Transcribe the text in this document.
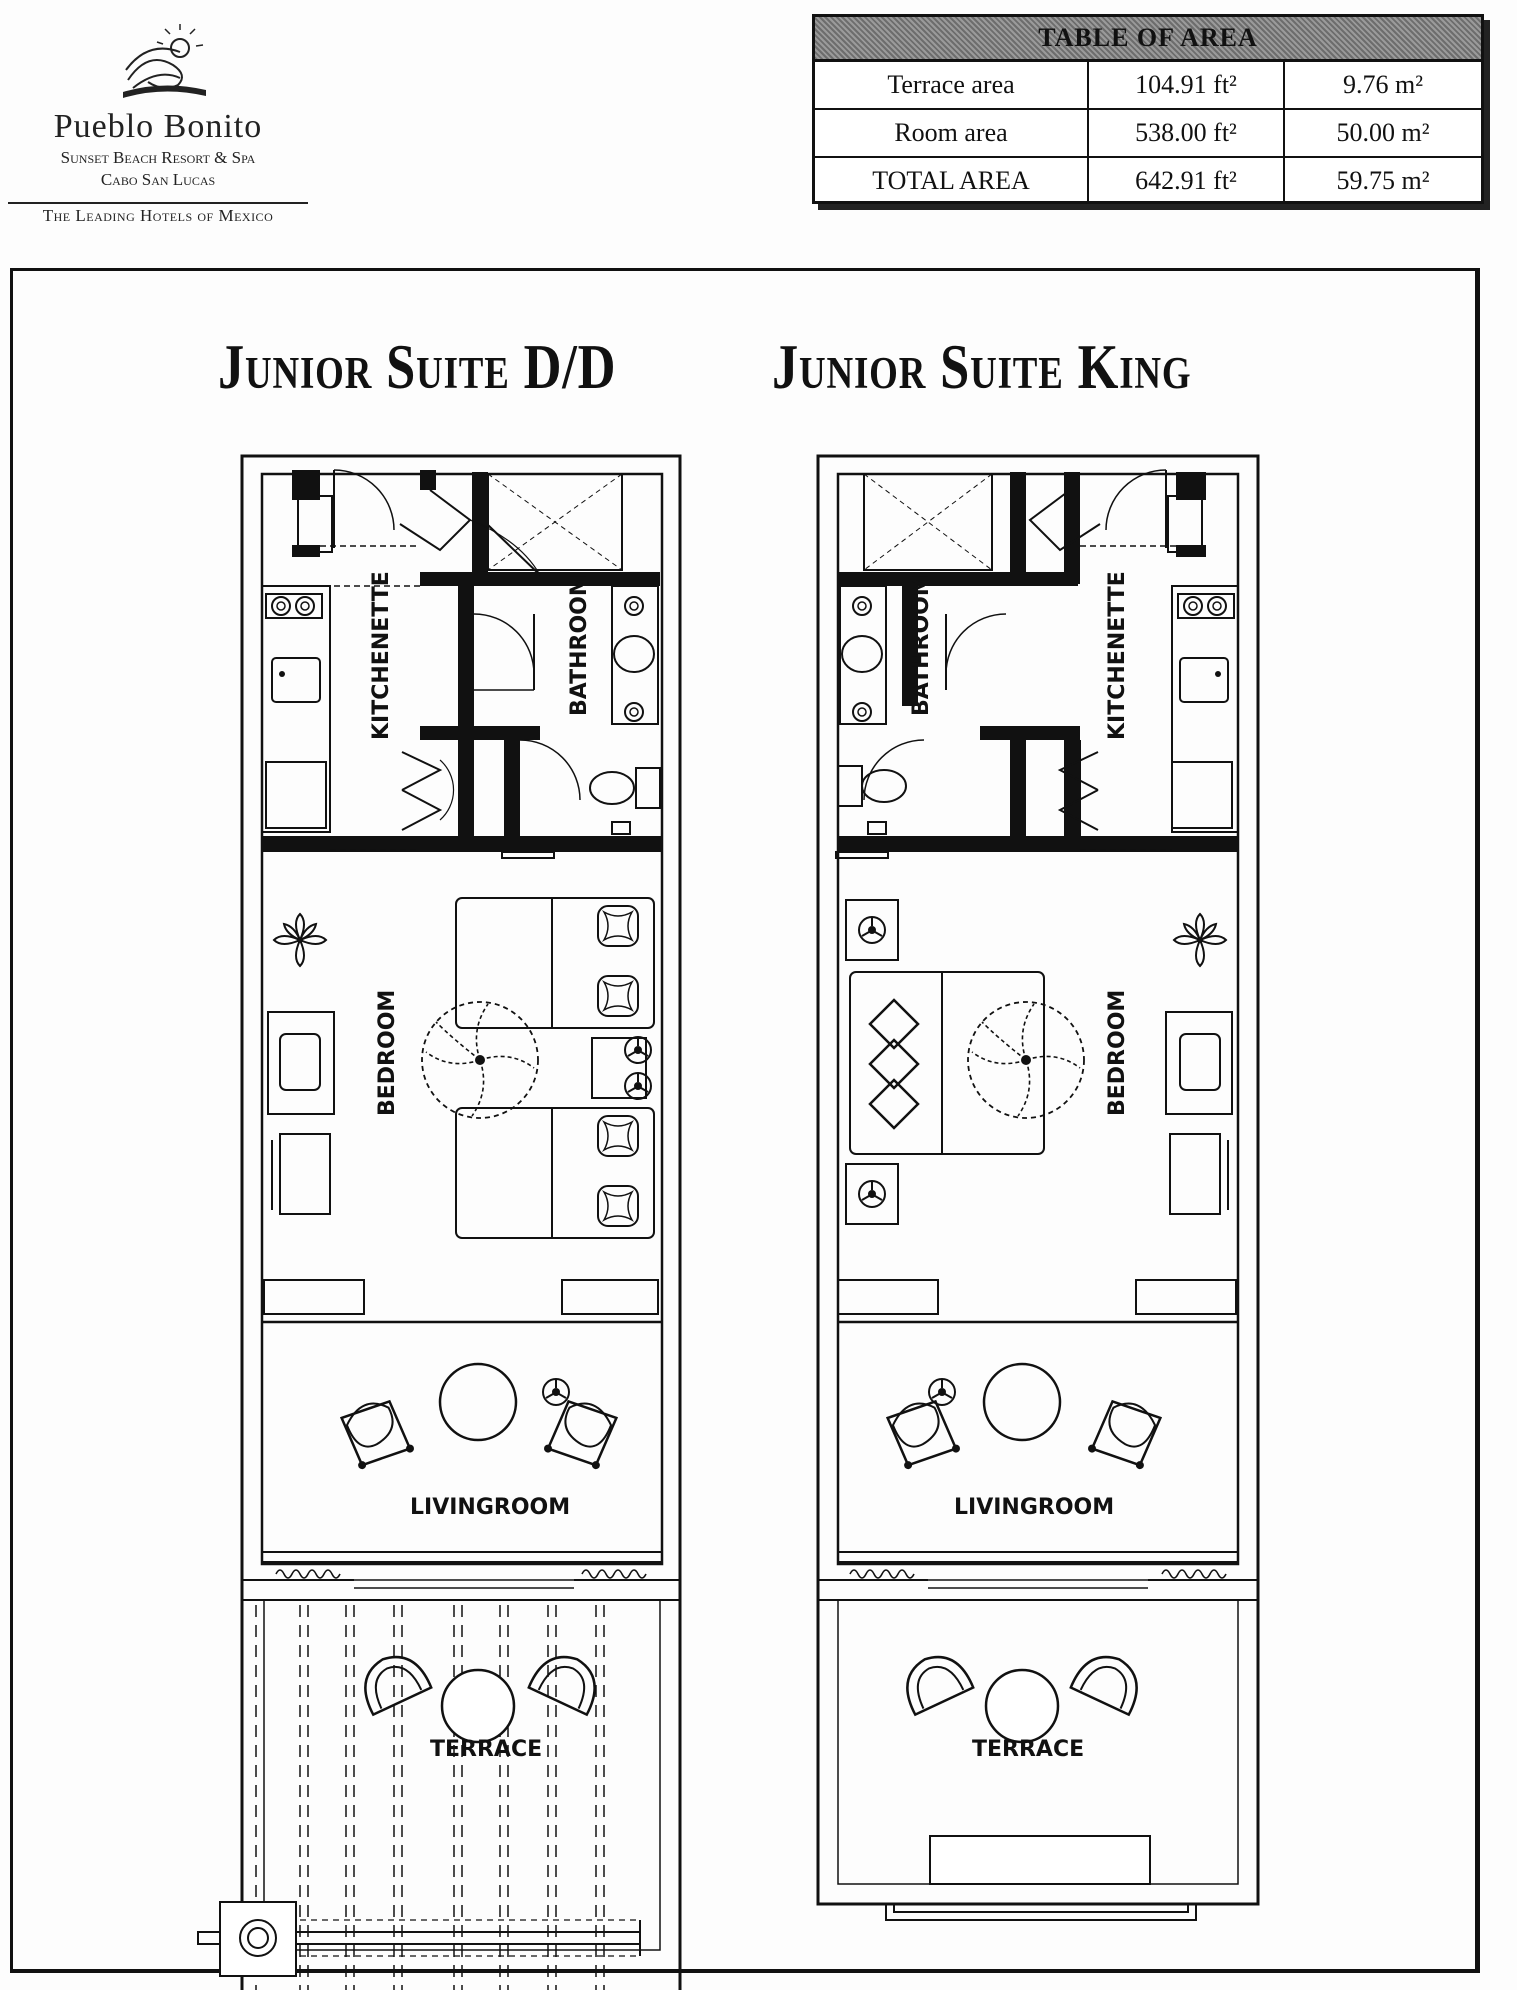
Pueblo Bonito
Sunset Beach Resort & Spa
Cabo San Lucas
The Leading Hotels of Mexico
TABLE OF AREA
Terrace area	104.91 ft²	9.76 m²
Room area	538.00 ft²	50.00 m²
TOTAL AREA	642.91 ft²	59.75 m²
Junior Suite D/D Junior Suite King
KITCHENETTE	BATHROOM
BEDROOM
LIVINGROOM
TERRACE
BATHROOM	KITCHENETTE
BEDROOM
LIVINGROOM
TERRACE
